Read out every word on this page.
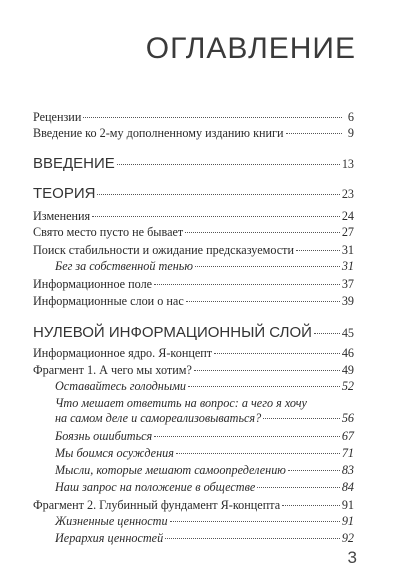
ОГЛАВЛЕНИЕ
Рецензии	6
Введение ко 2-му дополненному изданию книги	9
ВВЕДЕНИЕ	13
ТЕОРИЯ	23
Изменения	24
Свято место пусто не бывает	27
Поиск стабильности и ожидание предсказуемости	31
Бег за собственной тенью	31
Информационное поле	37
Информационные слои о нас	39
НУЛЕВОЙ ИНФОРМАЦИОННЫЙ СЛОЙ 45
Информационное ядро. Я-концепт	46
Фрагмент 1. А чего мы хотим?	49
Оставайтесь голодными	52
Что мешает ответить на вопрос: а чего я хочу
на самом деле и самореализовываться?	56
Боязнь ошибиться	67
Мы боимся осуждения	71
Мысли, которые мешают самоопределению	83
Наш запрос на положение в обществе	84
Фрагмент 2. Глубинный фундамент Я-концепта	91
Жизненные ценности	91
Иерархия ценностей	92
3
